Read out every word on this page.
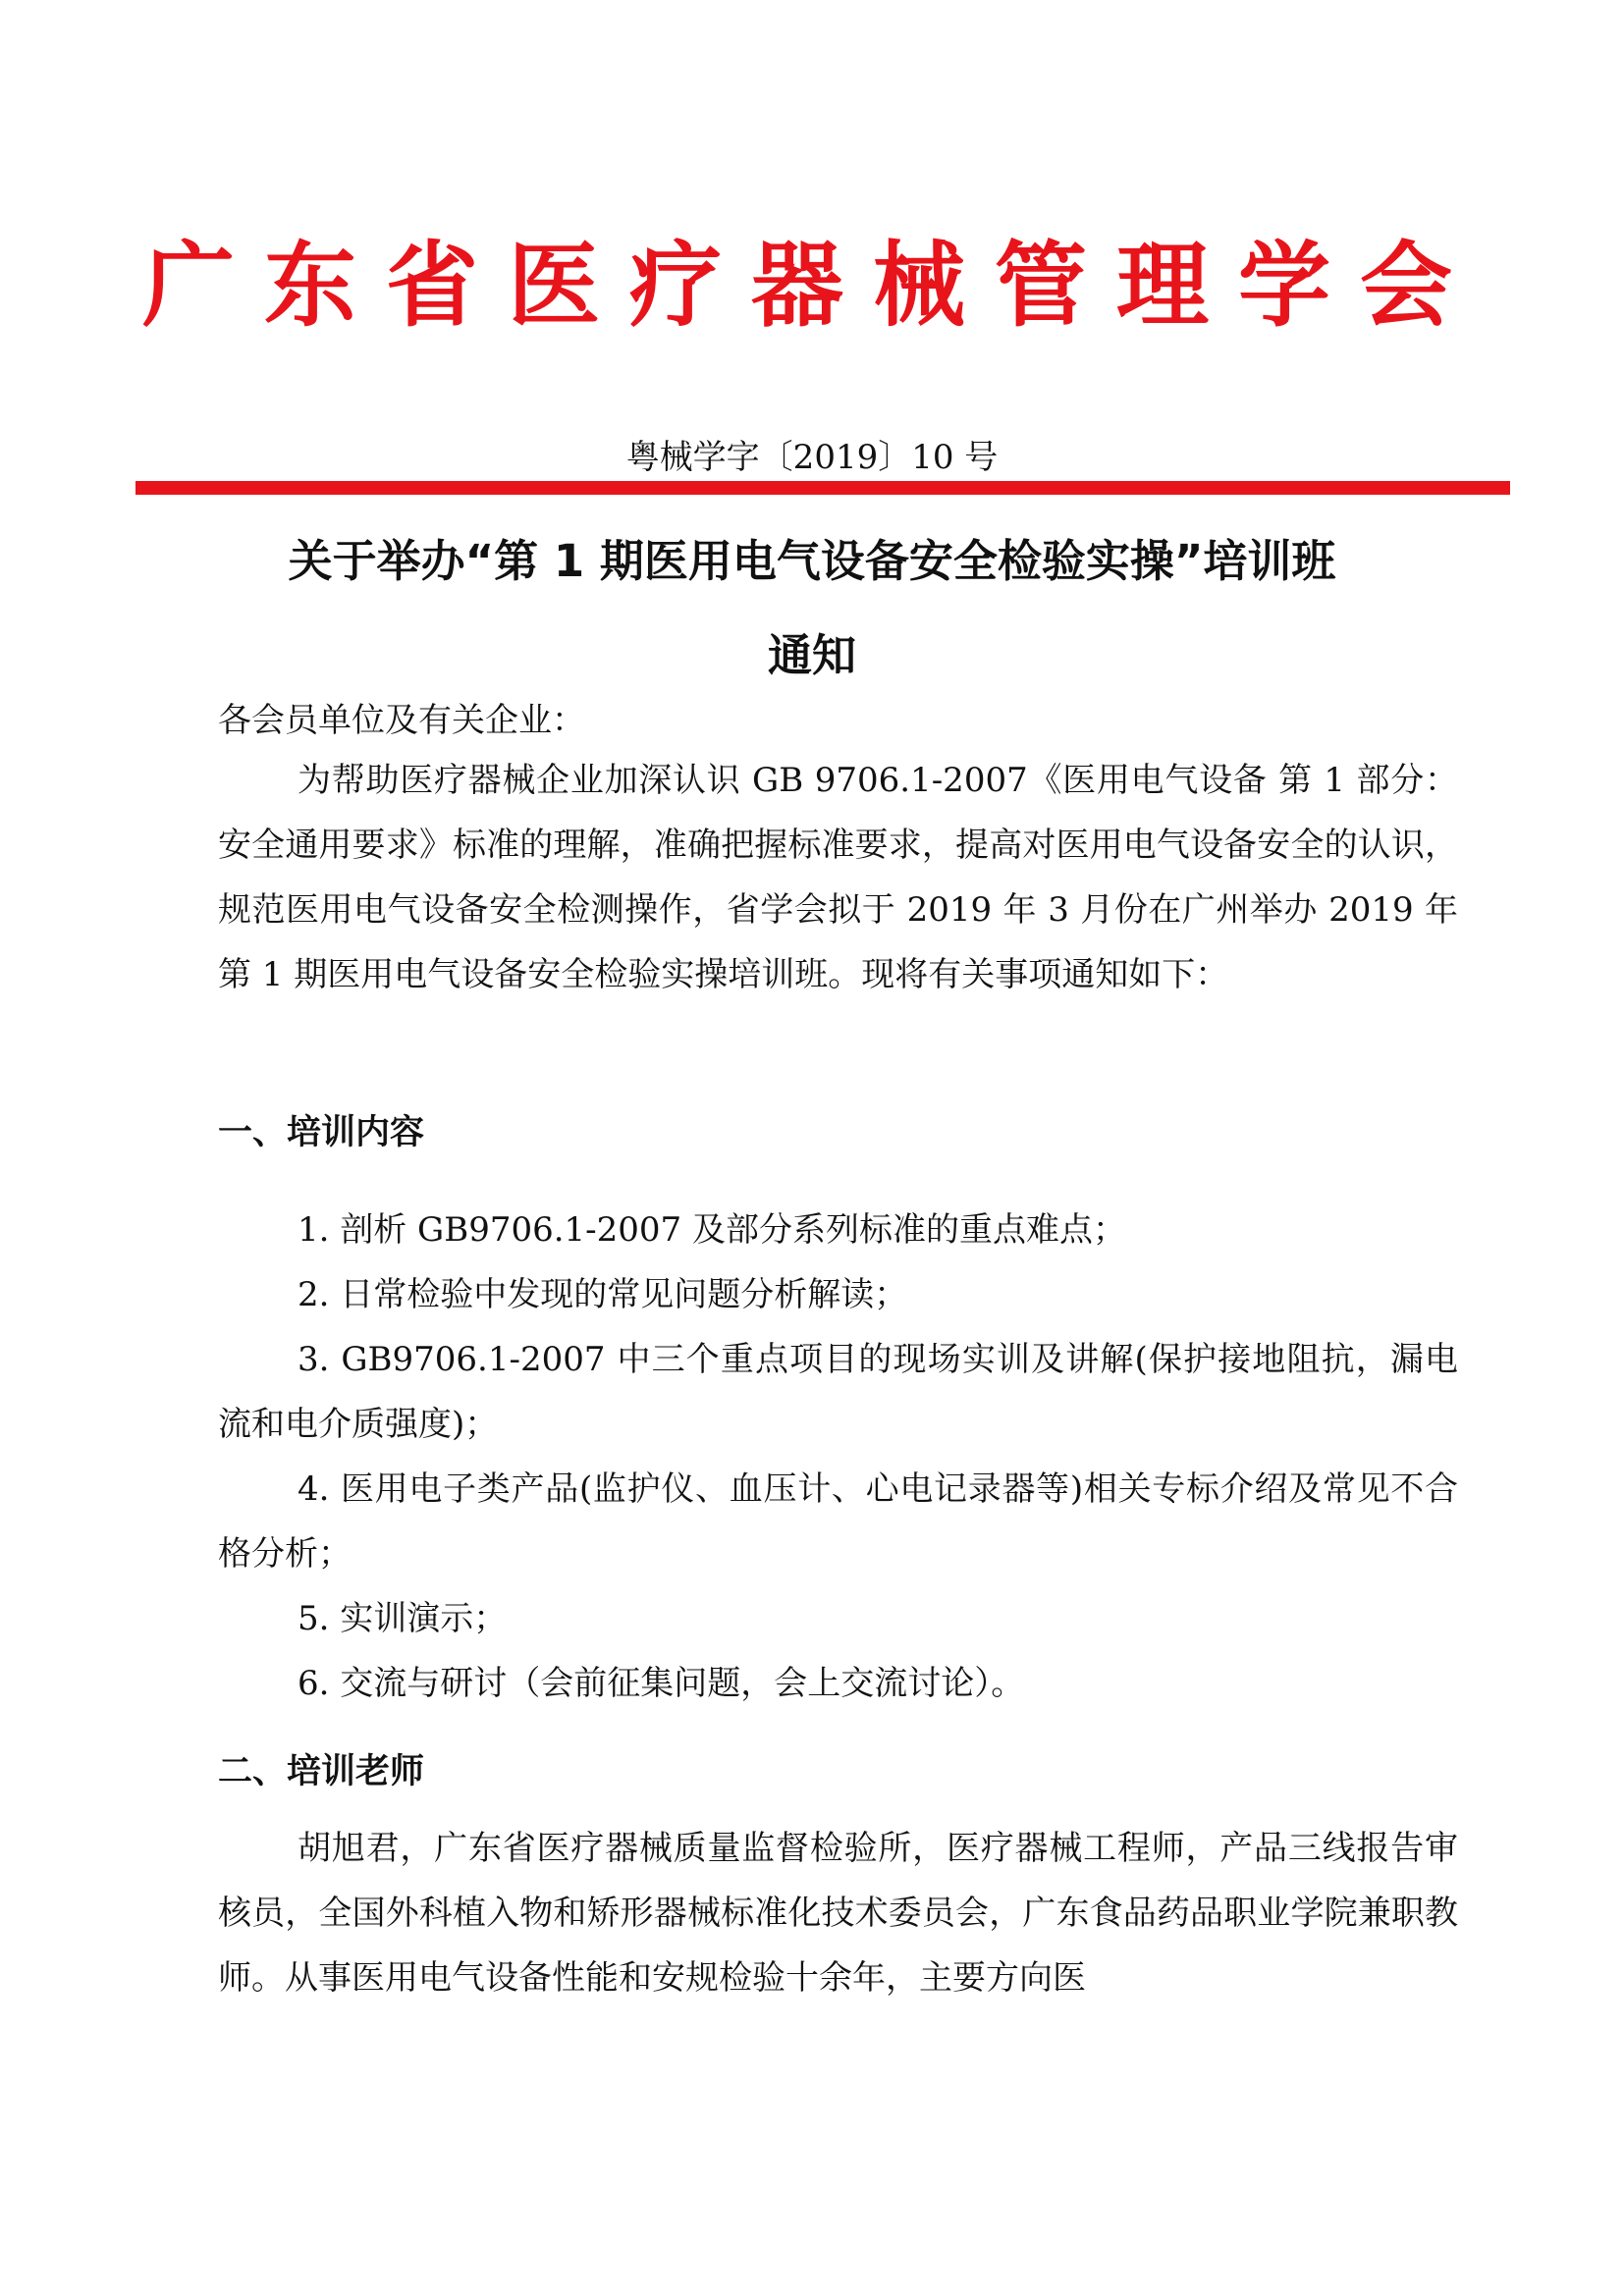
广东省医疗器械管理学会
粤械学字〔2019〕10 号
关于举办“第 1 期医用电气设备安全检验实操”培训班
通知
各会员单位及有关企业：
为帮助医疗器械企业加深认识 GB 9706.1-2007《医用电气设备 第 1 部分：安全通用要求》标准的理解，准确把握标准要求，提高对医用电气设备安全的认识，规范医用电气设备安全检测操作，省学会拟于 2019 年 3 月份在广州举办 2019 年第 1 期医用电气设备安全检验实操培训班。现将有关事项通知如下：
一、培训内容
1. 剖析 GB9706.1-2007 及部分系列标准的重点难点；
2. 日常检验中发现的常见问题分析解读；
3. GB9706.1-2007 中三个重点项目的现场实训及讲解(保护接地阻抗，漏电流和电介质强度)；
4. 医用电子类产品(监护仪、血压计、心电记录器等)相关专标介绍及常见不合格分析；
5. 实训演示；
6. 交流与研讨（会前征集问题，会上交流讨论）。
二、培训老师
胡旭君，广东省医疗器械质量监督检验所，医疗器械工程师，产品三线报告审核员，全国外科植入物和矫形器械标准化技术委员会，广东食品药品职业学院兼职教师。从事医用电气设备性能和安规检验十余年，主要方向医
